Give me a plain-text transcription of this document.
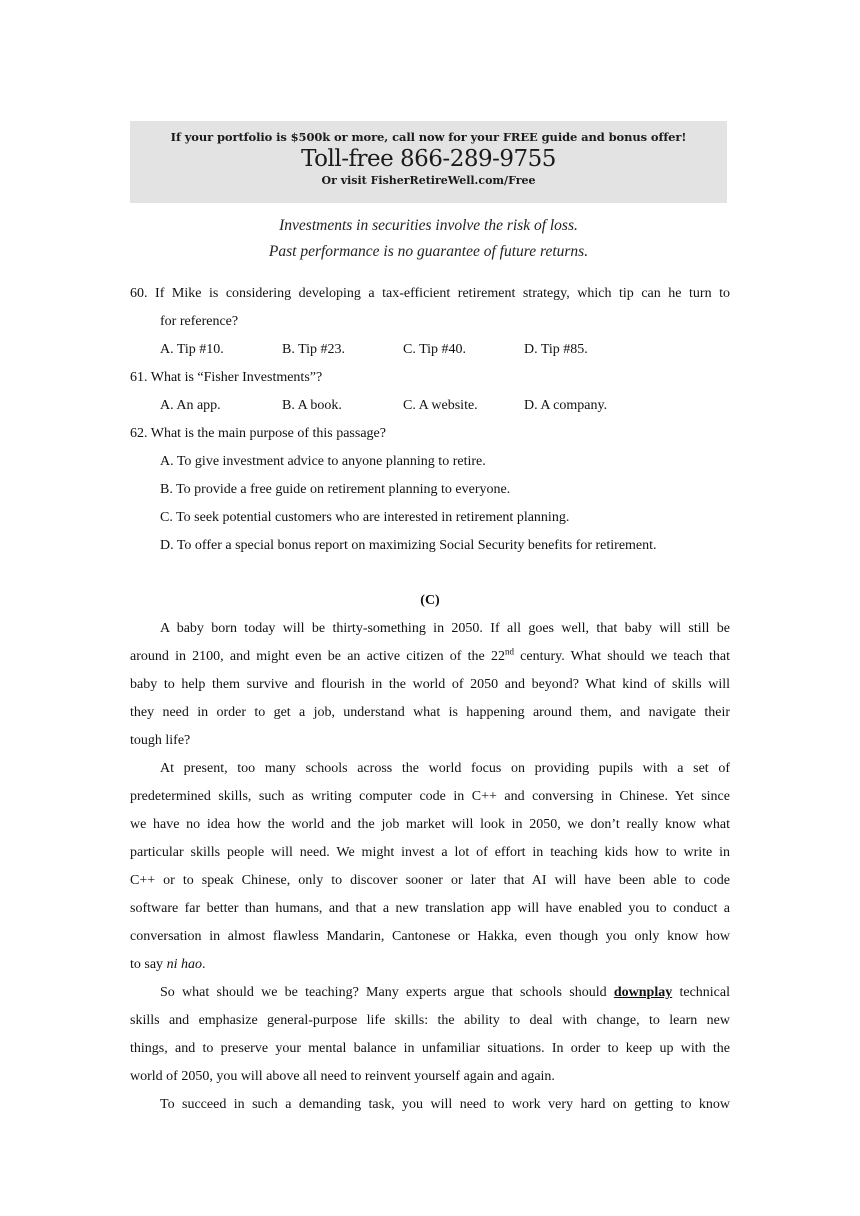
If your portfolio is $500k or more, call now for your FREE guide and bonus offer!
Toll-free 866-289-9755
Or visit FisherRetireWell.com/Free
Investments in securities involve the risk of loss.
Past performance is no guarantee of future returns.
60. If Mike is considering developing a tax-efficient retirement strategy, which tip can he turn to
for reference?
A. Tip #10.	B. Tip #23.	C. Tip #40.	D. Tip #85.
61. What is “Fisher Investments”?
A. An app.	B. A book.	C. A website.	D. A company.
62. What is the main purpose of this passage?
A. To give investment advice to anyone planning to retire.
B. To provide a free guide on retirement planning to everyone.
C. To seek potential customers who are interested in retirement planning.
D. To offer a special bonus report on maximizing Social Security benefits for retirement.
(C)
A baby born today will be thirty-something in 2050. If all goes well, that baby will still be
around in 2100, and might even be an active citizen of the 22nd century. What should we teach that
baby to help them survive and flourish in the world of 2050 and beyond? What kind of skills will
they need in order to get a job, understand what is happening around them, and navigate their
tough life?
At present, too many schools across the world focus on providing pupils with a set of
predetermined skills, such as writing computer code in C++ and conversing in Chinese. Yet since
we have no idea how the world and the job market will look in 2050, we don’t really know what
particular skills people will need. We might invest a lot of effort in teaching kids how to write in
C++ or to speak Chinese, only to discover sooner or later that AI will have been able to code
software far better than humans, and that a new translation app will have enabled you to conduct a
conversation in almost flawless Mandarin, Cantonese or Hakka, even though you only know how
to say ni hao.
So what should we be teaching? Many experts argue that schools should downplay technical
skills and emphasize general-purpose life skills: the ability to deal with change, to learn new
things, and to preserve your mental balance in unfamiliar situations. In order to keep up with the
world of 2050, you will above all need to reinvent yourself again and again.
To succeed in such a demanding task, you will need to work very hard on getting to know
